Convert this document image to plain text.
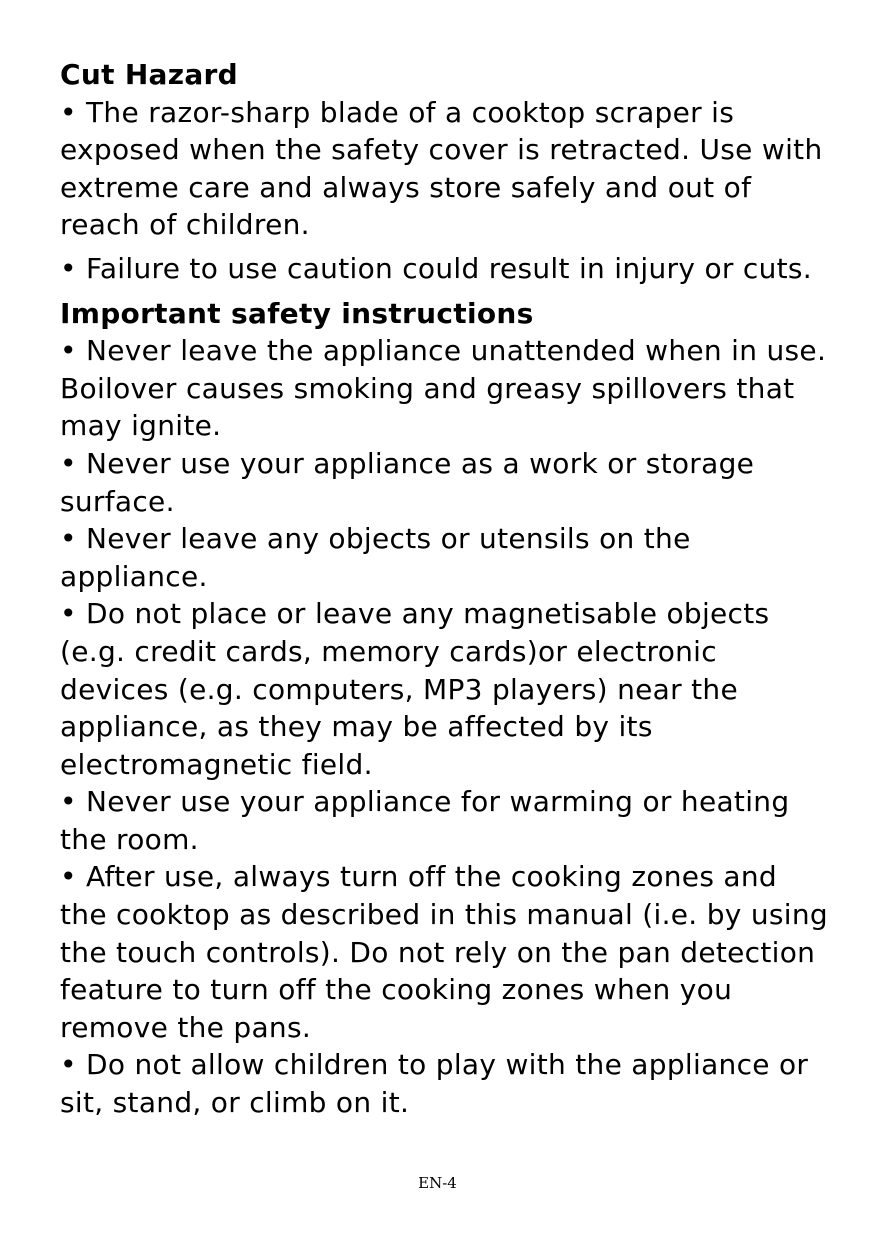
Cut Hazard

• The razor-sharp blade of a cooktop scraper is exposed when the safety cover is retracted. Use with extreme care and always store safely and out of reach of children.

• Failure to use caution could result in injury or cuts.

Important safety instructions

• Never leave the appliance unattended when in use. Boilover causes smoking and greasy spillovers that may ignite.

• Never use your appliance as a work or storage surface.

• Never leave any objects or utensils on the appliance.

• Do not place or leave any magnetisable objects (e.g. credit cards, memory cards)or electronic devices (e.g. computers, MP3 players) near the appliance, as they may be affected by its electromagnetic field.

• Never use your appliance for warming or heating the room.

• After use, always turn off the cooking zones and the cooktop as described in this manual (i.e. by using the touch controls). Do not rely on the pan detection feature to turn off the cooking zones when you remove the pans.

• Do not allow children to play with the appliance or sit, stand, or climb on it.

EN-4
